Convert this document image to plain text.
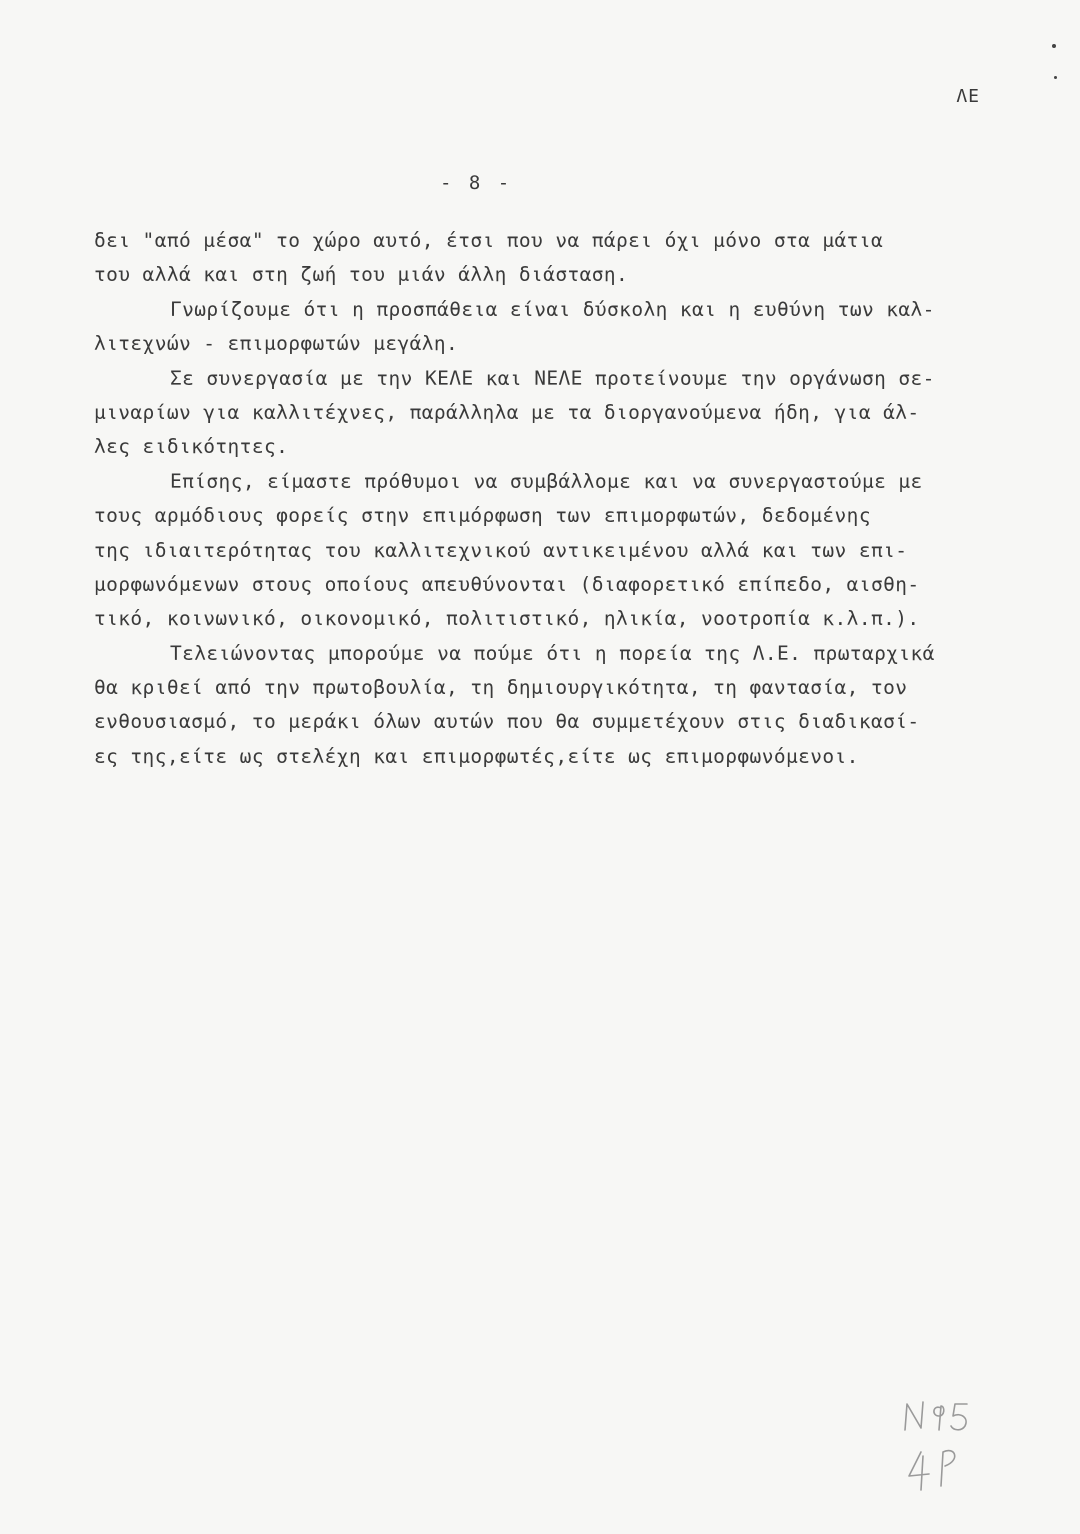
ΛΕ
- 8 -
δει "από μέσα" το χώρο αυτό, έτσι που να πάρει όχι μόνο στα μάτια
του αλλά και στη ζωή του μιάν άλλη διάσταση.
Γνωρίζουμε ότι η προσπάθεια είναι δύσκολη και η ευθύνη των καλ-
λιτεχνών - επιμορφωτών μεγάλη.
Σε συνεργασία με την ΚΕΛΕ και ΝΕΛΕ προτείνουμε την οργάνωση σε-
μιναρίων για καλλιτέχνες, παράλληλα με τα διοργανούμενα ήδη, για άλ-
λες ειδικότητες.
Επίσης, είμαστε πρόθυμοι να συμβάλλομε και να συνεργαστούμε με
τους αρμόδιους φορείς στην επιμόρφωση των επιμορφωτών, δεδομένης
της ιδιαιτερότητας του καλλιτεχνικού αντικειμένου αλλά και των επι-
μορφωνόμενων στους οποίους απευθύνονται (διαφορετικό επίπεδο, αισθη-
τικό, κοινωνικό, οικονομικό, πολιτιστικό, ηλικία, νοοτροπία κ.λ.π.).
Τελειώνοντας μπορούμε να πούμε ότι η πορεία της Λ.Ε. πρωταρχικά
θα κριθεί από την πρωτοβουλία, τη δημιουργικότητα, τη φαντασία, τον
ενθουσιασμό, το μεράκι όλων αυτών που θα συμμετέχουν στις διαδικασί-
ες της,είτε ως στελέχη και επιμορφωτές,είτε ως επιμορφωνόμενοι.
